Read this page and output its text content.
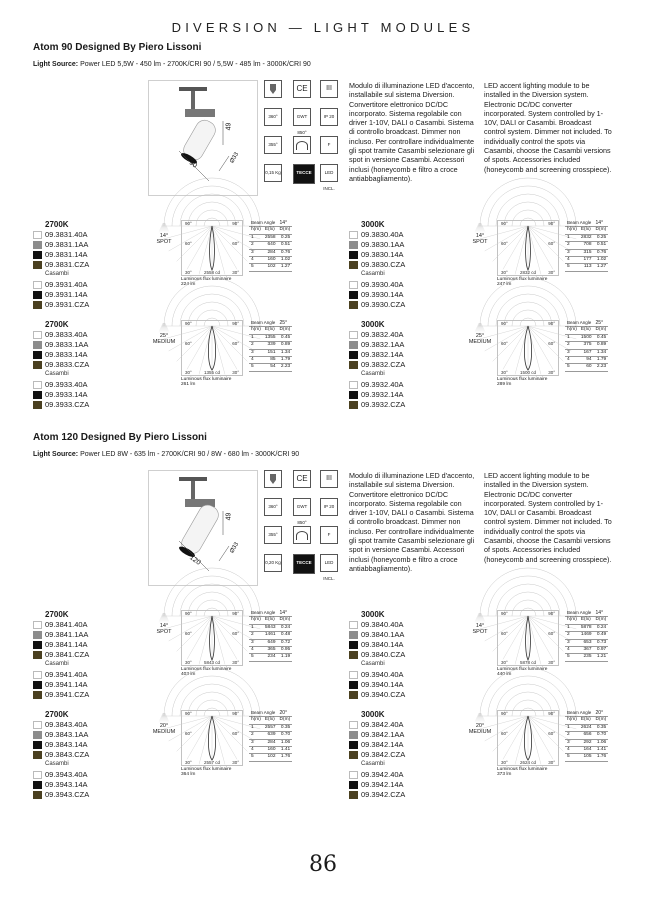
DIVERSION — LIGHT MODULES
Atom 90 Designed By Piero Lissoni
Light Source: Power LED 5,5W - 450 lm - 2700K/CRI 90 / 5,5W - 485 lm - 3000K/CRI 90
49
90
Ø33
CE	III
360°	GWT 850°
IP 20
355°	F
0,15 Kg	TECCE	LED INCL.
Modulo di illuminazione LED d'accento, installabile sul sistema Diversion. Convertitore elettronico DC/DC incorporato. Sistema regolabile con driver 1-10V, DALI o Casambi. Sistema di controllo broadcast. Dimmer non incluso. Per controllare individualmente gli spot tramite Casambi selezionare gli spot in versione Casambi. Accessori inclusi (honeycomb e filtro a croce antiabbagliamento).
LED accent lighting module to be installed in the Diversion system. Electronic DC/DC converter incorporated. System controlled by 1-10V, DALI or Casambi. Broadcast control system. Dimmer not included. To individually control the spots via Casambi, choose the Casambi versions of spots. Accessories included (honeycomb and screening crosspiece).
2700K
09.3831.40A
09.3831.1AA
09.3831.14A
09.3831.CZA
Casambi
09.3931.40A
09.3931.14A
09.3931.CZA
14°
SPOT
90°	90°
60°	60°
30°	30°
2558 cd
Luminous flux luminaire
224 lm
Beam Angle		14°
h(m)	E(lx)	D(m)
1	2558	0.25
2	640	0.51
3	284	0.76
4	160	1.02
5	102	1.27
3000K
09.3830.40A
09.3830.1AA
09.3830.14A
09.3830.CZA
Casambi
09.3930.40A
09.3930.14A
09.3930.CZA
14°
SPOT
90°	90°
60°	60°
30°	30°
2832 cd
Luminous flux luminaire
247 lm
Beam Angle		14°
h(m)	E(lx)	D(m)
1	2832	0.25
2	708	0.51
3	315	0.76
4	177	1.02
5	113	1.27
2700K
09.3833.40A
09.3833.1AA
09.3833.14A
09.3833.CZA
Casambi
09.3933.40A
09.3933.14A
09.3933.CZA
25°
MEDIUM
90°	90°
60°	60°
30°	30°
1355 cd
Luminous flux luminaire
261 lm
Beam Angle		25°
h(m)	E(lx)	D(m)
1	1355	0.45
2	339	0.89
3	151	1.34
4	85	1.79
5	54	2.23
3000K
09.3832.40A
09.3832.1AA
09.3832.14A
09.3832.CZA
Casambi
09.3932.40A
09.3932.14A
09.3932.CZA
25°
MEDIUM
90°	90°
60°	60°
30°	30°
1500 cd
Luminous flux luminaire
289 lm
Beam Angle		25°
h(m)	E(lx)	D(m)
1	1500	0.45
2	375	0.89
3	167	1.34
4	94	1.79
5	60	2.23
Atom 120 Designed By Piero Lissoni
Light Source: Power LED 8W - 635 lm - 2700K/CRI 90 / 8W - 680 lm - 3000K/CRI 90
49
120
Ø33
CE	III
360°	GWT 850°
IP 20
355°	F
0,20 Kg	TECCE	LED INCL.
Modulo di illuminazione LED d'accento, installabile sul sistema Diversion. Convertitore elettronico DC/DC incorporato. Sistema regolabile con driver 1-10V, DALI o Casambi. Sistema di controllo broadcast. Dimmer non incluso. Per controllare individualmente gli spot tramite Casambi selezionare gli spot in versione Casambi. Accessori inclusi (honeycomb e filtro a croce antiabbagliamento).
LED accent lighting module to be installed in the Diversion system. Electronic DC/DC converter incorporated. System controlled by 1-10V, DALI or Casambi. Broadcast control system. Dimmer not included. To individually control the spots via Casambi, choose the Casambi versions of spots. Accessories included (honeycomb and screening crosspiece).
2700K
09.3841.40A
09.3841.1AA
09.3841.14A
09.3841.CZA
Casambi
09.3941.40A
09.3941.14A
09.3941.CZA
14°
SPOT
90°	90°
60°	60°
30°	30°
5843 cd
Luminous flux luminaire
403 lm
Beam Angle		14°
h(m)	E(lx)	D(m)
1	5843	0.24
2	1461	0.48
3	649	0.72
4	365	0.95
5	234	1.19
3000K
09.3840.40A
09.3840.1AA
09.3840.14A
09.3840.CZA
Casambi
09.3940.40A
09.3940.14A
09.3940.CZA
14°
SPOT
90°	90°
60°	60°
30°	30°
5878 cd
Luminous flux luminaire
440 lm
Beam Angle		14°
h(m)	E(lx)	D(m)
1	5878	0.24
2	1469	0.49
3	653	0.73
4	367	0.97
5	235	1.21
2700K
09.3843.40A
09.3843.1AA
09.3843.14A
09.3843.CZA
Casambi
09.3943.40A
09.3943.14A
09.3943.CZA
20°
MEDIUM
90°	90°
60°	60°
30°	30°
2557 cd
Luminous flux luminaire
364 lm
Beam Angle		20°
h(m)	E(lx)	D(m)
1	2557	0.35
2	639	0.70
3	284	1.06
4	160	1.41
5	102	1.76
3000K
09.3842.40A
09.3842.1AA
09.3842.14A
09.3842.CZA
Casambi
09.3942.40A
09.3942.14A
09.3942.CZA
20°
MEDIUM
90°	90°
60°	60°
30°	30°
2624 cd
Luminous flux luminaire
373 lm
Beam Angle		20°
h(m)	E(lx)	D(m)
1	2624	0.35
2	656	0.70
3	292	1.06
4	164	1.41
5	105	1.76
86
